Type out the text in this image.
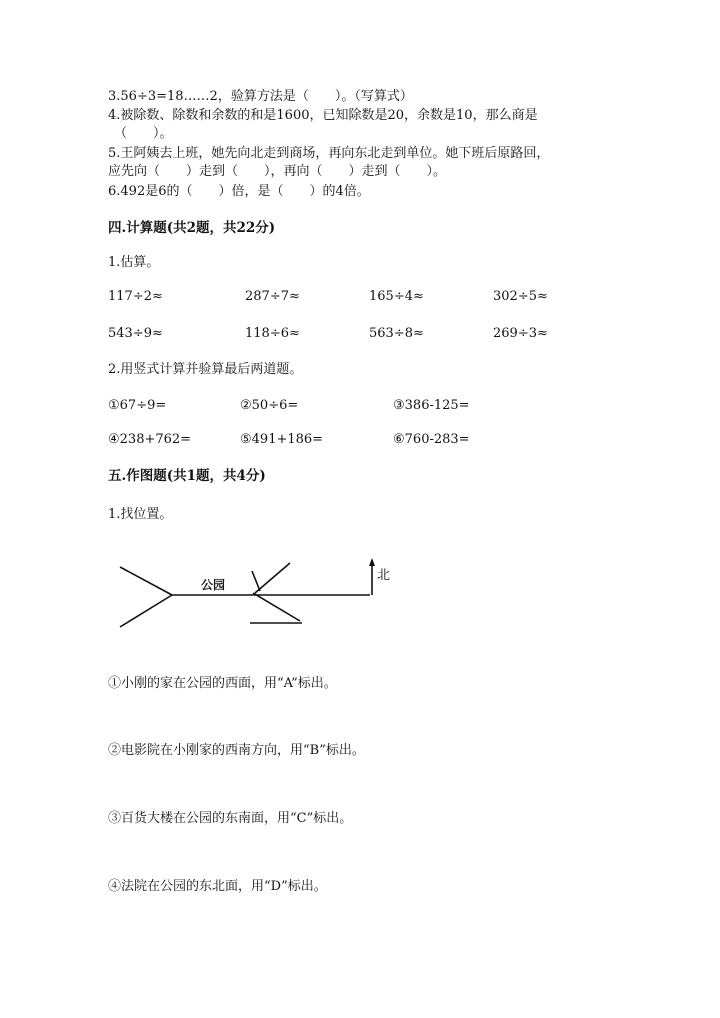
3.56÷3=18……2，验算方法是（　　）。（写算式）
4.被除数、除数和余数的和是1600，已知除数是20，余数是10，那么商是
（　　）。
5.王阿姨去上班，她先向北走到商场，再向东北走到单位。她下班后原路回，
应先向（　　）走到（　　），再向（　　）走到（　　）。
6.492是6的（　　）倍，是（　　）的4倍。
四.计算题(共2题，共22分)
1.估算。
117÷2≈	287÷7≈	165÷4≈	302÷5≈
543÷9≈	118÷6≈	563÷8≈	269÷3≈
2.用竖式计算并验算最后两道题。
①67÷9=	②50÷6=	③386-125=
④238+762=	⑤491+186=	⑥760-283=
五.作图题(共1题，共4分)
1.找位置。
公园
北
①小刚的家在公园的西面，用“A”标出。
②电影院在小刚家的西南方向，用“B”标出。
③百货大楼在公园的东南面，用“C”标出。
④法院在公园的东北面，用“D”标出。
